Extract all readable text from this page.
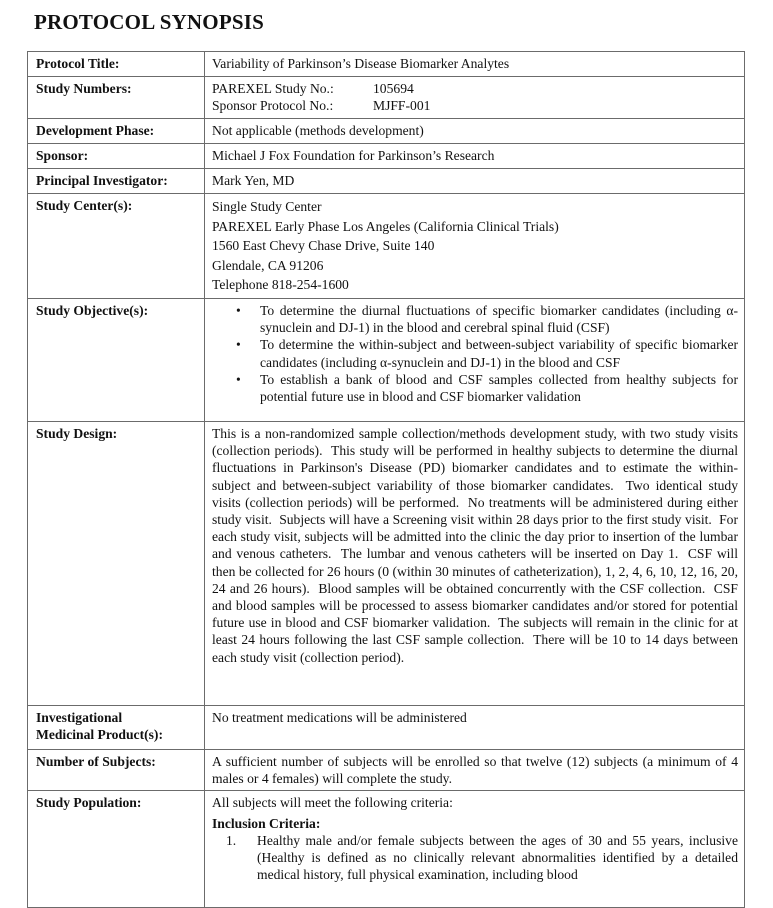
PROTOCOL SYNOPSIS
Protocol Title:	Variability of Parkinson’s Disease Biomarker Analytes
Study Numbers:	PAREXEL Study No.: 105694
Sponsor Protocol No.: MJFF-001

Development Phase:	Not applicable (methods development)
Sponsor:	Michael J Fox Foundation for Parkinson’s Research
Principal Investigator:	Mark Yen, MD
Study Center(s):	Single Study Center
PAREXEL Early Phase Los Angeles (California Clinical Trials)
1560 East Chevy Chase Drive, Suite 140
Glendale, CA 91206
Telephone 818-254-1600

Study Objective(s):	• To determine the diurnal fluctuations of specific biomarker candidates (including α-synuclein and DJ-1) in the blood and cerebral spinal fluid (CSF)
• To determine the within-subject and between-subject variability of specific biomarker candidates (including α-synuclein and DJ-1) in the blood and CSF
• To establish a bank of blood and CSF samples collected from healthy subjects for potential future use in blood and CSF biomarker validation

Study Design:	This is a non-randomized sample collection/methods development study, with two study visits (collection periods).  This study will be performed in healthy subjects to determine the diurnal fluctuations in Parkinson's Disease (PD) biomarker candidates and to estimate the within-subject and between-subject variability of those biomarker candidates.  Two identical study visits (collection periods) will be performed.  No treatments will be administered during either study visit.  Subjects will have a Screening visit within 28 days prior to the first study visit.  For each study visit, subjects will be admitted into the clinic the day prior to insertion of the lumbar and venous catheters.  The lumbar and venous catheters will be inserted on Day 1.  CSF will then be collected for 26 hours (0 (within 30 minutes of catheterization), 1, 2, 4, 6, 10, 12, 16, 20, 24 and 26 hours).  Blood samples will be obtained concurrently with the CSF collection.  CSF and blood samples will be processed to assess biomarker candidates and/or stored for potential future use in blood and CSF biomarker validation.  The subjects will remain in the clinic for at least 24 hours following the last CSF sample collection.  There will be 10 to 14 days between each study visit (collection period).

Investigational
Medicinal Product(s):	No treatment medications will be administered
Number of Subjects:	A sufficient number of subjects will be enrolled so that twelve (12) subjects (a minimum of 4 males or 4 females) will complete the study.
Study Population:	All subjects will meet the following criteria:
Inclusion Criteria:
1. Healthy male and/or female subjects between the ages of 30 and 55 years, inclusive (Healthy is defined as no clinically relevant abnormalities identified by a detailed medical history, full physical examination, including blood
